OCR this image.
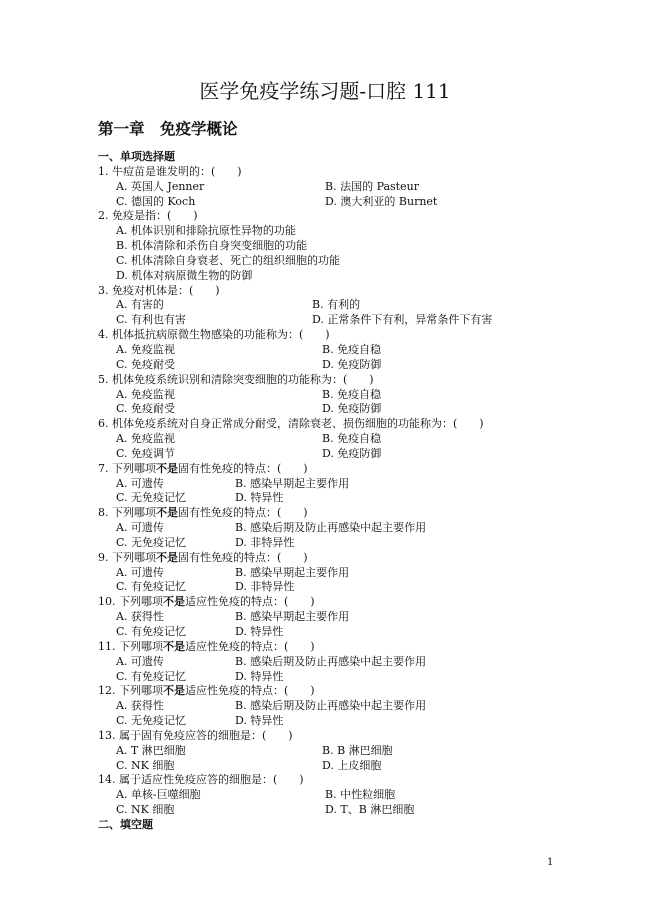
医学免疫学练习题-口腔 111
第一章　免疫学概论
一、单项选择题
1. 牛痘苗是谁发明的：(　　)
A. 英国人 Jenner	B. 法国的 Pasteur
C. 德国的 Koch	D. 澳大利亚的 Burnet
2. 免疫是指：(　　)
A. 机体识别和排除抗原性异物的功能
B. 机体清除和杀伤自身突变细胞的功能
C. 机体清除自身衰老、死亡的组织细胞的功能
D. 机体对病原微生物的防御
3. 免疫对机体是：(　　)
A. 有害的	B. 有利的
C. 有利也有害	D. 正常条件下有利，异常条件下有害
4. 机体抵抗病原微生物感染的功能称为：(　　)
A. 免疫监视	B. 免疫自稳
C. 免疫耐受	D. 免疫防御
5. 机体免疫系统识别和清除突变细胞的功能称为：(　　)
A. 免疫监视	B. 免疫自稳
C. 免疫耐受	D. 免疫防御
6. 机体免疫系统对自身正常成分耐受，清除衰老、损伤细胞的功能称为：(　　)
A. 免疫监视	B. 免疫自稳
C. 免疫调节	D. 免疫防御
7. 下列哪项不是固有性免疫的特点：(　　)
A. 可遗传	B. 感染早期起主要作用
C. 无免疫记忆	D. 特异性
8. 下列哪项不是固有性免疫的特点：(　　)
A. 可遗传	B. 感染后期及防止再感染中起主要作用
C. 无免疫记忆	D. 非特异性
9. 下列哪项不是固有性免疫的特点：(　　)
A. 可遗传	B. 感染早期起主要作用
C. 有免疫记忆	D. 非特异性
10. 下列哪项不是适应性免疫的特点：(　　)
A. 获得性	B. 感染早期起主要作用
C. 有免疫记忆	D. 特异性
11. 下列哪项不是适应性免疫的特点：(　　)
A. 可遗传	B. 感染后期及防止再感染中起主要作用
C. 有免疫记忆	D. 特异性
12. 下列哪项不是适应性免疫的特点：(　　)
A. 获得性	B. 感染后期及防止再感染中起主要作用
C. 无免疫记忆	D. 特异性
13. 属于固有免疫应答的细胞是：(　　)
A. T 淋巴细胞	B. B 淋巴细胞
C. NK 细胞	D. 上皮细胞
14. 属于适应性免疫应答的细胞是：(　　)
A. 单核-巨噬细胞	B. 中性粒细胞
C. NK 细胞	D. T、B 淋巴细胞
二、填空题
1
